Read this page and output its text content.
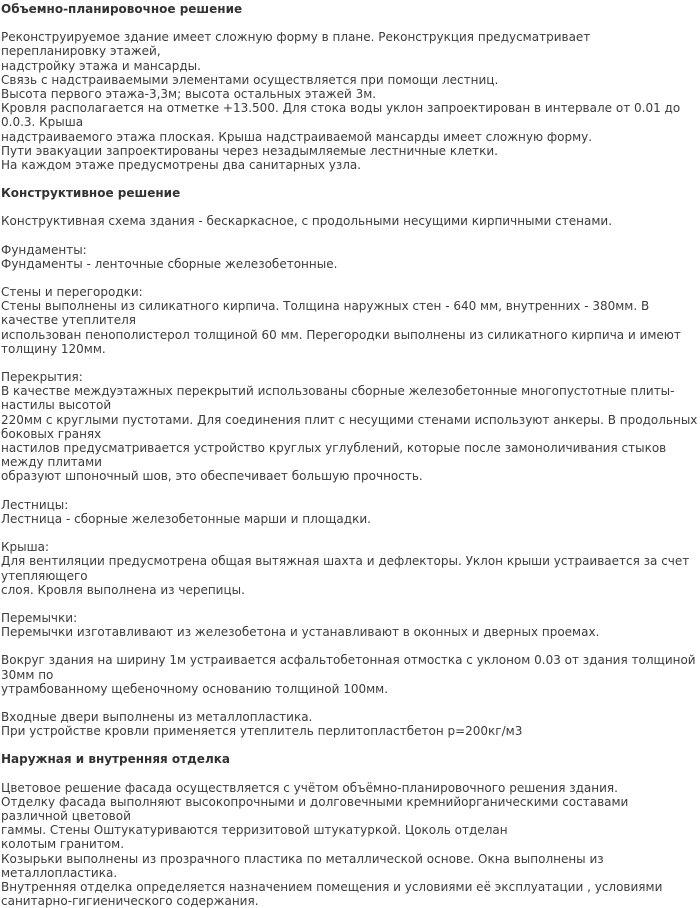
Объемно-планировочное решение
Реконструируемое здание имеет сложную форму в плане. Реконструкция предусматривает перепланировку этажей,
надстройку этажа и мансарды.
Связь с надстраиваемыми элементами осуществляется при помощи лестниц.
Высота первого этажа-3,3м; высота остальных этажей 3м.
Кровля располагается на отметке +13.500. Для стока воды уклон запроектирован в интервале от 0.01 до 0.0.3. Крыша
надстраиваемого этажа плоская. Крыша надстраиваемой мансарды имеет сложную форму.
Пути эвакуации запроектированы через незадымляемые лестничные клетки.
На каждом этаже предусмотрены два санитарных узла.
Конструктивное решение
Конструктивная схема здания - бескаркасное, с продольными несущими кирпичными стенами.
Фундаменты:
Фундаменты - ленточные сборные железобетонные.
Стены и перегородки:
Стены выполнены из силикатного кирпича. Толщина наружных стен - 640 мм, внутренних - 380мм. В качестве утеплителя
использован пенополистерол толщиной 60 мм. Перегородки выполнены из силикатного кирпича и имеют толщину 120мм.
Перекрытия:
В качестве междуэтажных перекрытий использованы сборные железобетонные многопустотные плиты-настилы высотой
220мм с круглыми пустотами. Для соединения плит с несущими стенами используют анкеры. В продольных боковых гранях
настилов предусматривается устройство круглых углублений, которые после замоноличивания стыков между плитами
образуют шпоночный шов, это обеспечивает большую прочность.
Лестницы:
Лестница - сборные железобетонные марши и площадки.
Крыша:
Для вентиляции предусмотрена общая вытяжная шахта и дефлекторы. Уклон крыши устраивается за счет утепляющего
слоя. Кровля выполнена из черепицы.
Перемычки:
Перемычки изготавливают из железобетона и устанавливают в оконных и дверных проемах.
Вокруг здания на ширину 1м устраивается асфальтобетонная отмостка с уклоном 0.03 от здания толщиной 30мм по
утрамбованному щебеночному основанию толщиной 100мм.
Входные двери выполнены из металлопластика.
При устройстве кровли применяется утеплитель перлитопластбетон p=200кг/м3
Наружная и внутренняя отделка
Цветовое решение фасада осуществляется с учётом объёмно-планировочного решения здания.
Отделку фасада выполняют высокопрочными и долговечными кремнийорганическими составами различной цветовой
гаммы. Стены Оштукатуриваются терризитовой штукатуркой. Цоколь отделан
колотым гранитом.
Козырьки выполнены из прозрачного пластика по металлической основе. Окна выполнены из металлопластика.
Внутренняя отделка определяется назначением помещения и условиями её эксплуатации , условиями
санитарно-гигиенического содержания.
